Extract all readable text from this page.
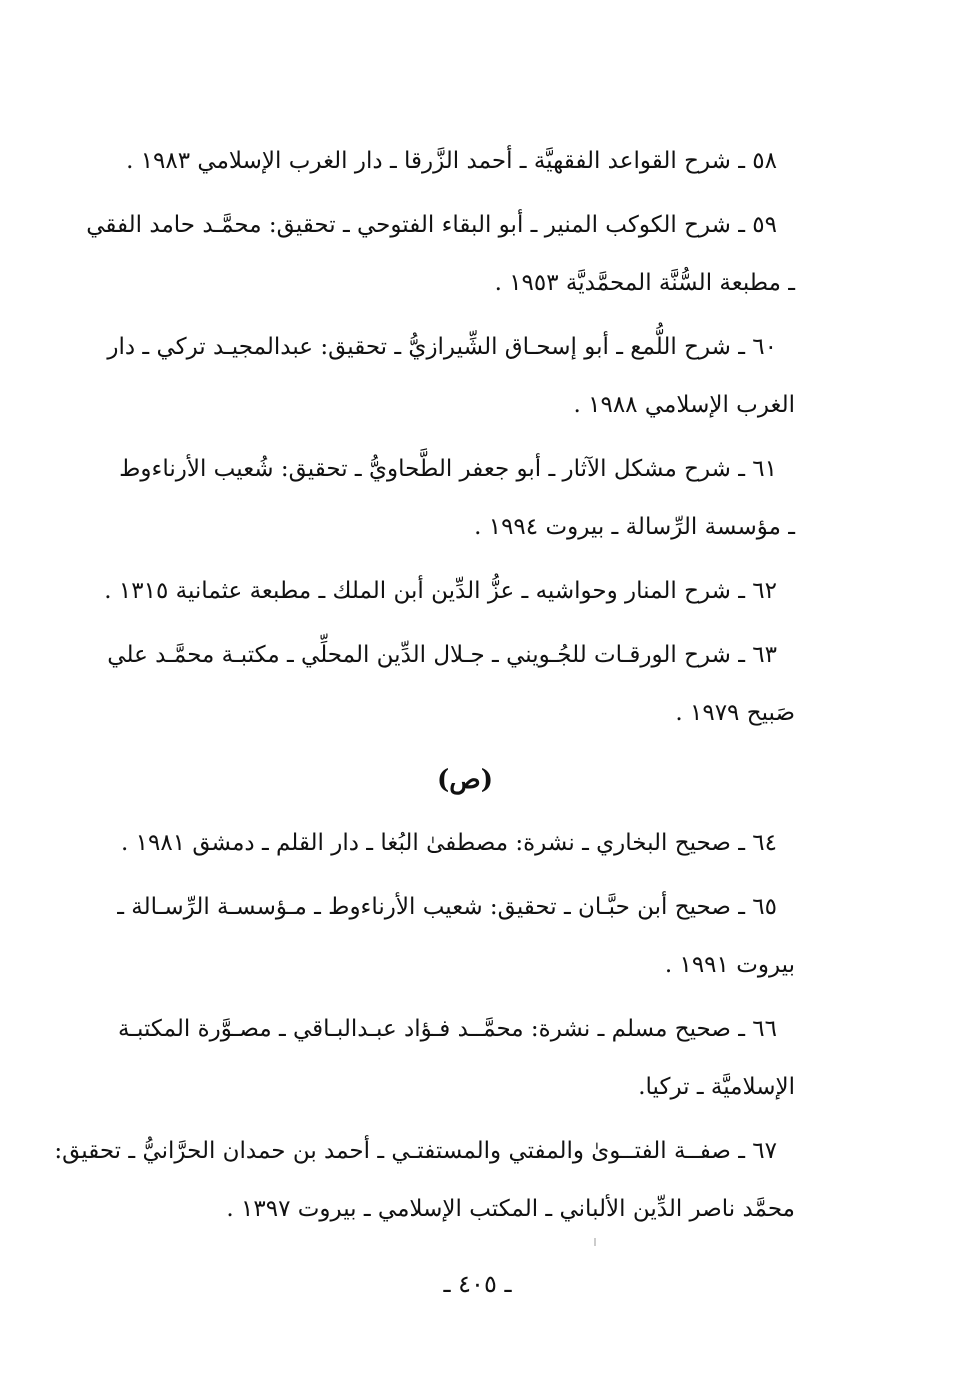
٥٨ ـ شرح القواعد الفقهيَّة ـ أحمد الزَّرقا ـ دار الغرب الإسلامي ١٩٨٣ .
٥٩ ـ شرح الكوكب المنير ـ أبو البقاء الفتوحي ـ تحقيق: محمَّـد حامد الفقي
ـ مطبعة السُّنَّة المحمَّديَّة ١٩٥٣ .
٦٠ ـ شرح اللُّمع ـ أبو إسحـاق الشِّيرازيُّ ـ تحقيق: عبدالمجيـد تركي ـ دار
الغرب الإسلامي ١٩٨٨ .
٦١ ـ شرح مشكل الآثار ـ أبو جعفر الطَّحاويُّ ـ تحقيق: شُعيب الأرناءوط
ـ مؤسسة الرِّسالة ـ بيروت ١٩٩٤ .
٦٢ ـ شرح المنار وحواشيه ـ عزُّ الدِّين أبن الملك ـ مطبعة عثمانية ١٣١٥ .
٦٣ ـ شرح الورقـات للجُـويني ـ جـلال الدِّين المحلِّي ـ مكتبـة محمَّـد علي
صَبيح ١٩٧٩ .
(ص)
٦٤ ـ صحيح البخاري ـ نشرة: مصطفىٰ البُغا ـ دار القلم ـ دمشق ١٩٨١ .
٦٥ ـ صحيح أبن حبَّـان ـ تحقيق: شعيب الأرناءوط ـ مـؤسسـة الرِّسـالة ـ
بيروت ١٩٩١ .
٦٦ ـ صحيح مسلم ـ نشرة: محمَّــد فـؤاد عبـدالبـاقي ـ مصـوَّرة المكتبـة
الإسلاميَّة ـ تركيا.
٦٧ ـ صفــة الفتــوىٰ والمفتي والمستفتـي ـ أحمد بن حمدان الحرَّانيُّ ـ تحقيق:
محمَّد ناصر الدِّين الألباني ـ المكتب الإسلامي ـ بيروت ١٣٩٧ .
ـ ٤٠٥ ـ
